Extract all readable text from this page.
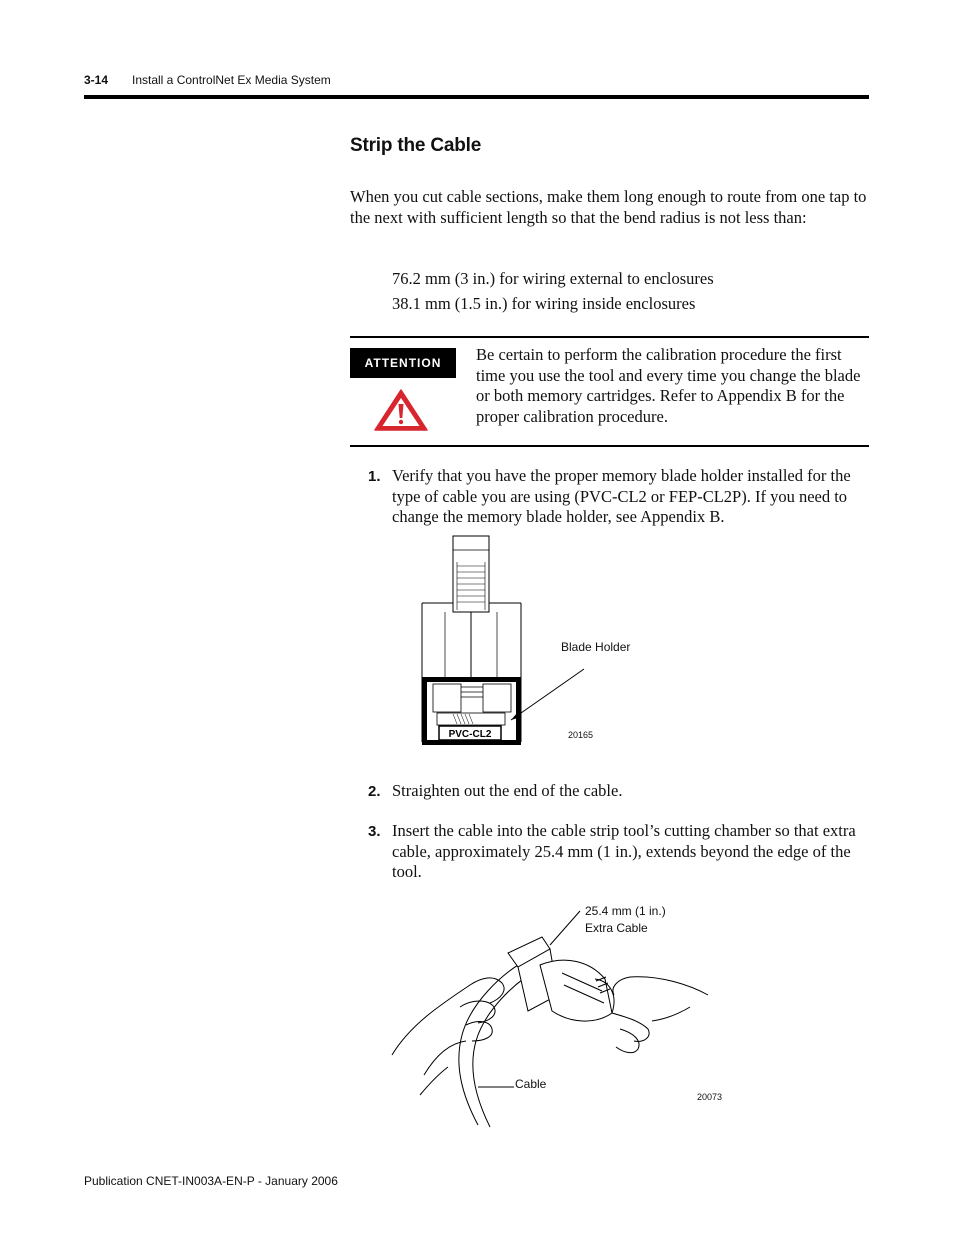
3-14 Install a ControlNet Ex Media System
Strip the Cable
When you cut cable sections, make them long enough to route from one tap to the next with sufficient length so that the bend radius is not less than:
76.2 mm (3 in.) for wiring external to enclosures
38.1 mm (1.5 in.) for wiring inside enclosures
ATTENTION	Be certain to perform the calibration procedure the first time you use the tool and every time you change the blade or both memory cartridges. Refer to Appendix B for the proper calibration procedure.
1. Verify that you have the proper memory blade holder installed for the type of cable you are using (PVC-CL2 or FEP-CL2P). If you need to change the memory blade holder, see Appendix B.
PVC-CL2
Blade Holder
20165
2. Straighten out the end of the cable.
3. Insert the cable into the cable strip tool’s cutting chamber so that extra cable, approximately 25.4 mm (1 in.), extends beyond the edge of the tool.
25.4 mm (1 in.)
Extra Cable
Cable
20073
Publication CNET-IN003A-EN-P - January 2006
